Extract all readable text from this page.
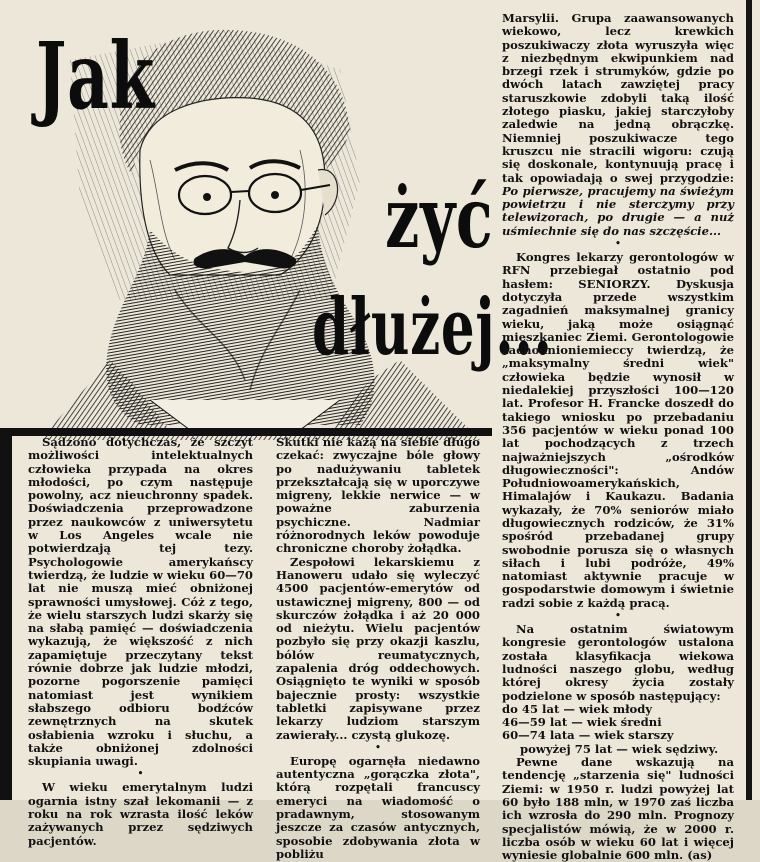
Jak
żyć
dłużej...

Sądzono dotychczas, że szczyt możliwości intelektualnych człowieka przypada na okres młodości, po czym następuje powolny, acz nieuchronny spadek. Doświadczenia przeprowadzone przez naukowców z uniwersytetu w Los Angeles wcale nie potwierdzają tej tezy. Psychologowie amerykańscy twierdzą, że ludzie w wieku 60—70 lat nie muszą mieć obniżonej sprawności umysłowej. Cóż z tego, że wielu starszych ludzi skarży się na słabą pamięć — doświadczenia wykazują, że większość z nich zapamiętuje przeczytany tekst równie dobrze jak ludzie młodzi, pozorne pogorszenie pamięci natomiast jest wynikiem słabszego odbioru bodźców zewnętrznych na skutek osłabienia wzroku i słuchu, a także obniżonej zdolności skupiania uwagi.

•

W wieku emerytalnym ludzi ogarnia istny szał lekomanii — z roku na rok wzrasta ilość leków zażywanych przez sędziwych pacjentów.

Skutki nie każą na siebie długo czekać: zwyczajne bóle głowy po nadużywaniu tabletek przekształcają się w uporczywe migreny, lekkie nerwice — w poważne zaburzenia psychiczne. Nadmiar różnorodnych leków powoduje chroniczne choroby żołądka.

Zespołowi lekarskiemu z Hanoweru udało się wyleczyć 4500 pacjentów-emerytów od ustawicznej migreny, 800 — od skurczów żołądka i aż 20 000 od nieżytu. Wielu pacjentów pozbyło się przy okazji kaszlu, bólów reumatycznych, zapalenia dróg oddechowych. Osiągnięto te wyniki w sposób bajecznie prosty: wszystkie tabletki zapisywane przez lekarzy ludziom starszym zawierały... czystą glukozę.

•

Europę ogarnęła niedawno autentyczna „gorączka złota", którą rozpętali francuscy emeryci na wiadomość o pradawnym, stosowanym jeszcze za czasów antycznych, sposobie zdobywania złota w pobliżu

Marsylii. Grupa zaawansowanych wiekowo, lecz krewkich poszukiwaczy złota wyruszyła więc z niezbędnym ekwipunkiem nad brzegi rzek i strumyków, gdzie po dwóch latach zawziętej pracy staruszkowie zdobyli taką ilość złotego piasku, jakiej starczyłoby zaledwie na jedną obrączkę. Niemniej poszukiwacze tego kruszcu nie stracili wigoru: czują się doskonale, kontynuują pracę i tak opowiadają o swej przygodzie: Po pierwsze, pracujemy na świeżym powietrzu i nie sterczymy przy telewizorach, po drugie — a nuż uśmiechnie się do nas szczęście...

•

Kongres lekarzy gerontologów w RFN przebiegał ostatnio pod hasłem: SENIORZY. Dyskusja dotyczyła przede wszystkim zagadnień maksymalnej granicy wieku, jaką może osiągnąć mieszkaniec Ziemi. Gerontologowie zachodnioniemieccy twierdzą, że „maksymalny średni wiek" człowieka będzie wynosił w niedalekiej przyszłości 100—120 lat. Profesor H. Francke doszedł do takiego wniosku po przebadaniu 356 pacjentów w wieku ponad 100 lat pochodzących z trzech najważniejszych „ośrodków długowieczności": Andów Południowoamerykańskich, Himalajów i Kaukazu. Badania wykazały, że 70% seniorów miało długowiecznych rodziców, że 31% spośród przebadanej grupy swobodnie porusza się o własnych siłach i lubi podróże, 49% natomiast aktywnie pracuje w gospodarstwie domowym i świetnie radzi sobie z każdą pracą.

•

Na ostatnim światowym kongresie gerontologów ustalona została klasyfikacja wiekowa ludności naszego globu, według której okresy życia zostały podzielone w sposób następujący:

do 45 lat — wiek młody

46—59 lat — wiek średni

60—74 lata — wiek starszy

powyżej 75 lat — wiek sędziwy.

Pewne dane wskazują na tendencję „starzenia się" ludności Ziemi: w 1950 r. ludzi powyżej lat 60 było 188 mln, w 1970 zaś liczba ich wzrosła do 290 mln. Prognozy specjalistów mówią, że w 2000 r. liczba osób w wieku 60 lat i więcej wyniesie globalnie 600 mln. (as)
